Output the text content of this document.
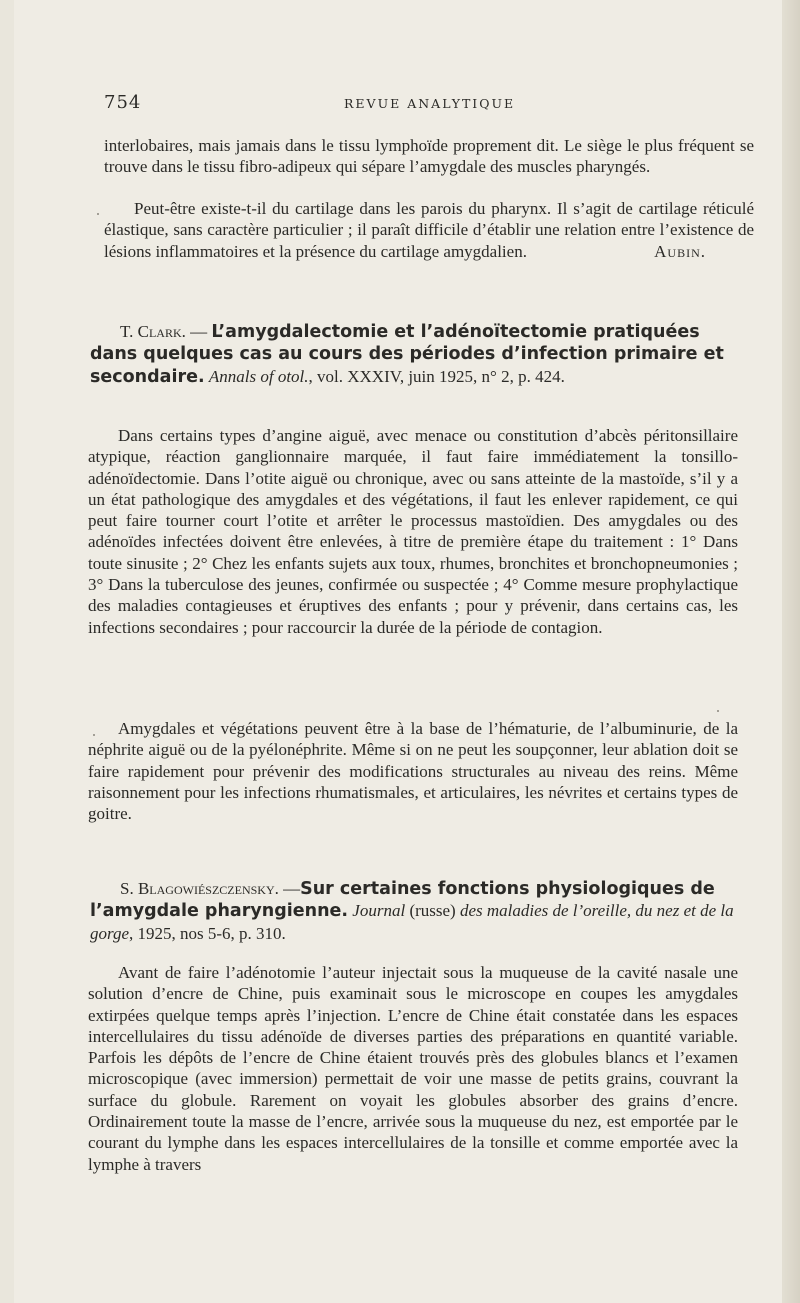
754	REVUE ANALYTIQUE

interlobaires, mais jamais dans le tissu lymphoïde proprement dit. Le siège le plus fréquent se trouve dans le tissu fibro-adipeux qui sépare l’amygdale des muscles pharyngés.

Peut-être existe-t-il du cartilage dans les parois du pharynx. Il s’agit de cartilage réticulé élastique, sans caractère particulier ; il paraît difficile d’établir une relation entre l’existence de lésions inflammatoires et la présence du cartilage amygdalien.	Aubin.

T. Clark. — L’amygdalectomie et l’adénoïtectomie pratiquées dans quelques cas au cours des périodes d’infection primaire et secondaire. Annals of otol., vol. XXXIV, juin 1925, n° 2, p. 424.

Dans certains types d’angine aiguë, avec menace ou constitution d’abcès péritonsillaire atypique, réaction ganglionnaire marquée, il faut faire immédiatement la tonsillo-adénoïdectomie. Dans l’otite aiguë ou chronique, avec ou sans atteinte de la mastoïde, s’il y a un état pathologique des amygdales et des végétations, il faut les enlever rapidement, ce qui peut faire tourner court l’otite et arrêter le processus mastoïdien. Des amygdales ou des adénoïdes infectées doivent être enlevées, à titre de première étape du traitement : 1° Dans toute sinusite ; 2° Chez les enfants sujets aux toux, rhumes, bronchites et bronchopneumonies ; 3° Dans la tuberculose des jeunes, confirmée ou suspectée ; 4° Comme mesure prophylactique des maladies contagieuses et éruptives des enfants ; pour y prévenir, dans certains cas, les infections secondaires ; pour raccourcir la durée de la période de contagion.

Amygdales et végétations peuvent être à la base de l’hématurie, de l’albuminurie, de la néphrite aiguë ou de la pyélonéphrite. Même si on ne peut les soupçonner, leur ablation doit se faire rapidement pour prévenir des modifications structurales au niveau des reins. Même raisonnement pour les infections rhumatismales, et articulaires, les névrites et certains types de goitre.

S. Blagowiészczensky. —Sur certaines fonctions physiologiques de l’amygdale pharyngienne. Journal (russe) des maladies de l’oreille, du nez et de la gorge, 1925, nos 5-6, p. 310.

Avant de faire l’adénotomie l’auteur injectait sous la muqueuse de la cavité nasale une solution d’encre de Chine, puis examinait sous le microscope en coupes les amygdales extirpées quelque temps après l’injection. L’encre de Chine était constatée dans les espaces intercellulaires du tissu adénoïde de diverses parties des préparations en quantité variable. Parfois les dépôts de l’encre de Chine étaient trouvés près des globules blancs et l’examen microscopique (avec immersion) permettait de voir une masse de petits grains, couvrant la surface du globule. Rarement on voyait les globules absorber des grains d’encre. Ordinairement toute la masse de l’encre, arrivée sous la muqueuse du nez, est emportée par le courant du lymphe dans les espaces intercellulaires de la tonsille et comme emportée avec la lymphe à travers
